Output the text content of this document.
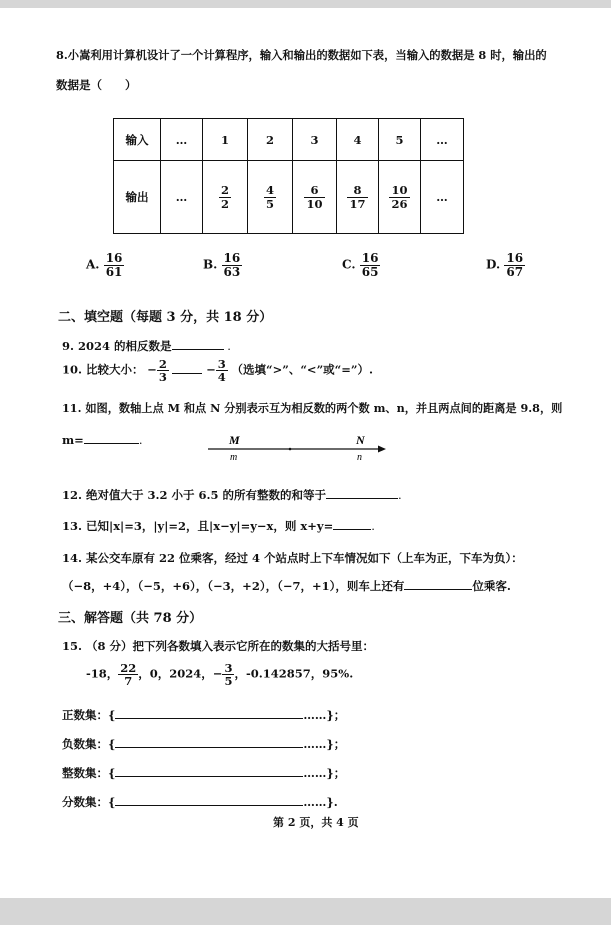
8.小嵩利用计算机设计了一个计算程序，输入和输出的数据如下表，当输入的数据是 8 时，输出的
数据是（　　）
输入	…	1	2	3	4	5	…
输出	…	$\frac{2}{2}$	$\frac{4}{5}$	$\frac{6}{10}$	$\frac{8}{17}$	$\frac{10}{26}$	…
A. $\frac{16}{61}$	B. $\frac{16}{63}$	C. $\frac{16}{65}$	D. $\frac{16}{67}$
二、填空题（每题 3 分，共 18 分）
9. 2024 的相反数是	.
10. 比较大小： − $\frac{2}{3}$	− $\frac{3}{4}$ （选填“>”、“<”或“=”）.
11. 如图，数轴上点 M 和点 N 分别表示互为相反数的两个数 m、n，并且两点间的距离是 9.8，则
m=	.	M
m
N
n
12. 绝对值大于 3.2 小于 6.5 的所有整数的和等于	.
13. 已知|x|=3，|y|=2，且|x−y|=y−x，则 x+y=	.
14. 某公交车原有 22 位乘客，经过 4 个站点时上下车情况如下（上车为正，下车为负）：
（−8，+4），（−5，+6），（−3，+2），（−7，+1），则车上还有	位乘客.
三、解答题（共 78 分）
15. （8 分）把下列各数填入表示它所在的数集的大括号里：
-18， $\frac{22}{7}$ ，0，2024，− $\frac{3}{5}$ ，-0.142857，95%.
正数集：{	……}；
负数集：{	……}；
整数集：{	……}；
分数集：{	……}.
第 2 页，共 4 页
